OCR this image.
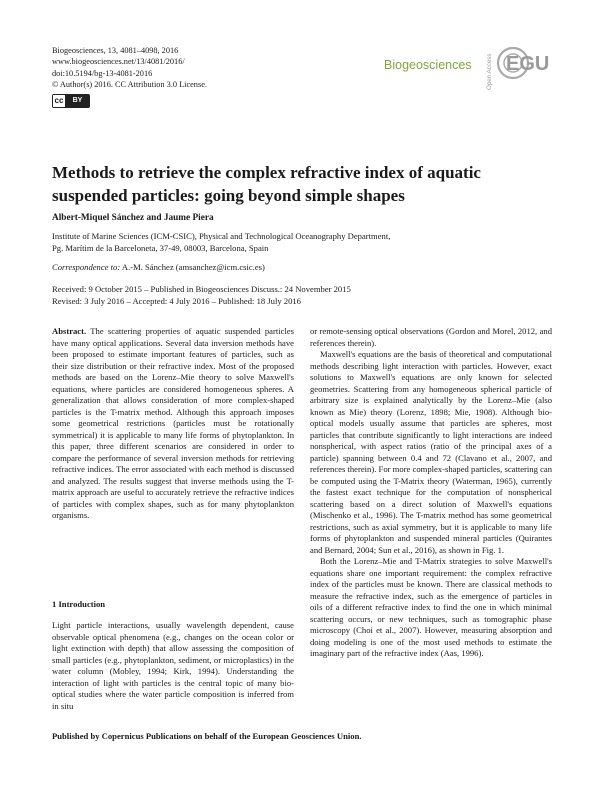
Biogeosciences, 13, 4081–4098, 2016
www.biogeosciences.net/13/4081/2016/
doi:10.5194/bg-13-4081-2016
© Author(s) 2016. CC Attribution 3.0 License.
cc	BY
Biogeosciences Open Access EGU
Methods to retrieve the complex refractive index of aquatic
suspended particles: going beyond simple shapes
Albert-Miquel Sánchez and Jaume Piera
Institute of Marine Sciences (ICM-CSIC), Physical and Technological Oceanography Department,
Pg. Marítim de la Barceloneta, 37-49, 08003, Barcelona, Spain
Correspondence to: A.-M. Sánchez (amsanchez@icm.csic.es)
Received: 9 October 2015 – Published in Biogeosciences Discuss.: 24 November 2015
Revised: 3 July 2016 – Accepted: 4 July 2016 – Published: 18 July 2016

Abstract. The scattering properties of aquatic suspended particles have many optical applications. Several data inversion methods have been proposed to estimate important features of particles, such as their size distribution or their refractive index. Most of the proposed methods are based on the Lorenz–Mie theory to solve Maxwell's equations, where particles are considered homogeneous spheres. A generalization that allows consideration of more complex-shaped particles is the T-matrix method. Although this approach imposes some geometrical restrictions (particles must be rotationally symmetrical) it is applicable to many life forms of phytoplankton. In this paper, three different scenarios are considered in order to compare the performance of several inversion methods for retrieving refractive indices. The error associated with each method is discussed and analyzed. The results suggest that inverse methods using the T-matrix approach are useful to accurately retrieve the refractive indices of particles with complex shapes, such as for many phytoplankton organisms.

1 Introduction

Light particle interactions, usually wavelength dependent, cause observable optical phenomena (e.g., changes on the ocean color or light extinction with depth) that allow assessing the composition of small particles (e.g., phytoplankton, sediment, or microplastics) in the water column (Mobley, 1994; Kirk, 1994). Understanding the interaction of light with particles is the central topic of many bio-optical studies where the water particle composition is inferred from in situ

or remote-sensing optical observations (Gordon and Morel, 2012, and references therein).

Maxwell's equations are the basis of theoretical and computational methods describing light interaction with particles. However, exact solutions to Maxwell's equations are only known for selected geometries. Scattering from any homogeneous spherical particle of arbitrary size is explained analytically by the Lorenz–Mie (also known as Mie) theory (Lorenz, 1898; Mie, 1908). Although bio-optical models usually assume that particles are spheres, most particles that contribute significantly to light interactions are indeed nonspherical, with aspect ratios (ratio of the principal axes of a particle) spanning between 0.4 and 72 (Clavano et al., 2007, and references therein). For more complex-shaped particles, scattering can be computed using the T-Matrix theory (Waterman, 1965), currently the fastest exact technique for the computation of nonspherical scattering based on a direct solution of Maxwell's equations (Mischenko et al., 1996). The T-matrix method has some geometrical restrictions, such as axial symmetry, but it is applicable to many life forms of phytoplankton and suspended mineral particles (Quirantes and Bernard, 2004; Sun et al., 2016), as shown in Fig. 1.

Both the Lorenz–Mie and T-Matrix strategies to solve Maxwell's equations share one important requirement: the complex refractive index of the particles must be known. There are classical methods to measure the refractive index, such as the emergence of particles in oils of a different refractive index to find the one in which minimal scattering occurs, or new techniques, such as tomographic phase microscopy (Choi et al., 2007). However, measuring absorption and doing modeling is one of the most used methods to estimate the imaginary part of the refractive index (Aas, 1996).

Published by Copernicus Publications on behalf of the European Geosciences Union.
